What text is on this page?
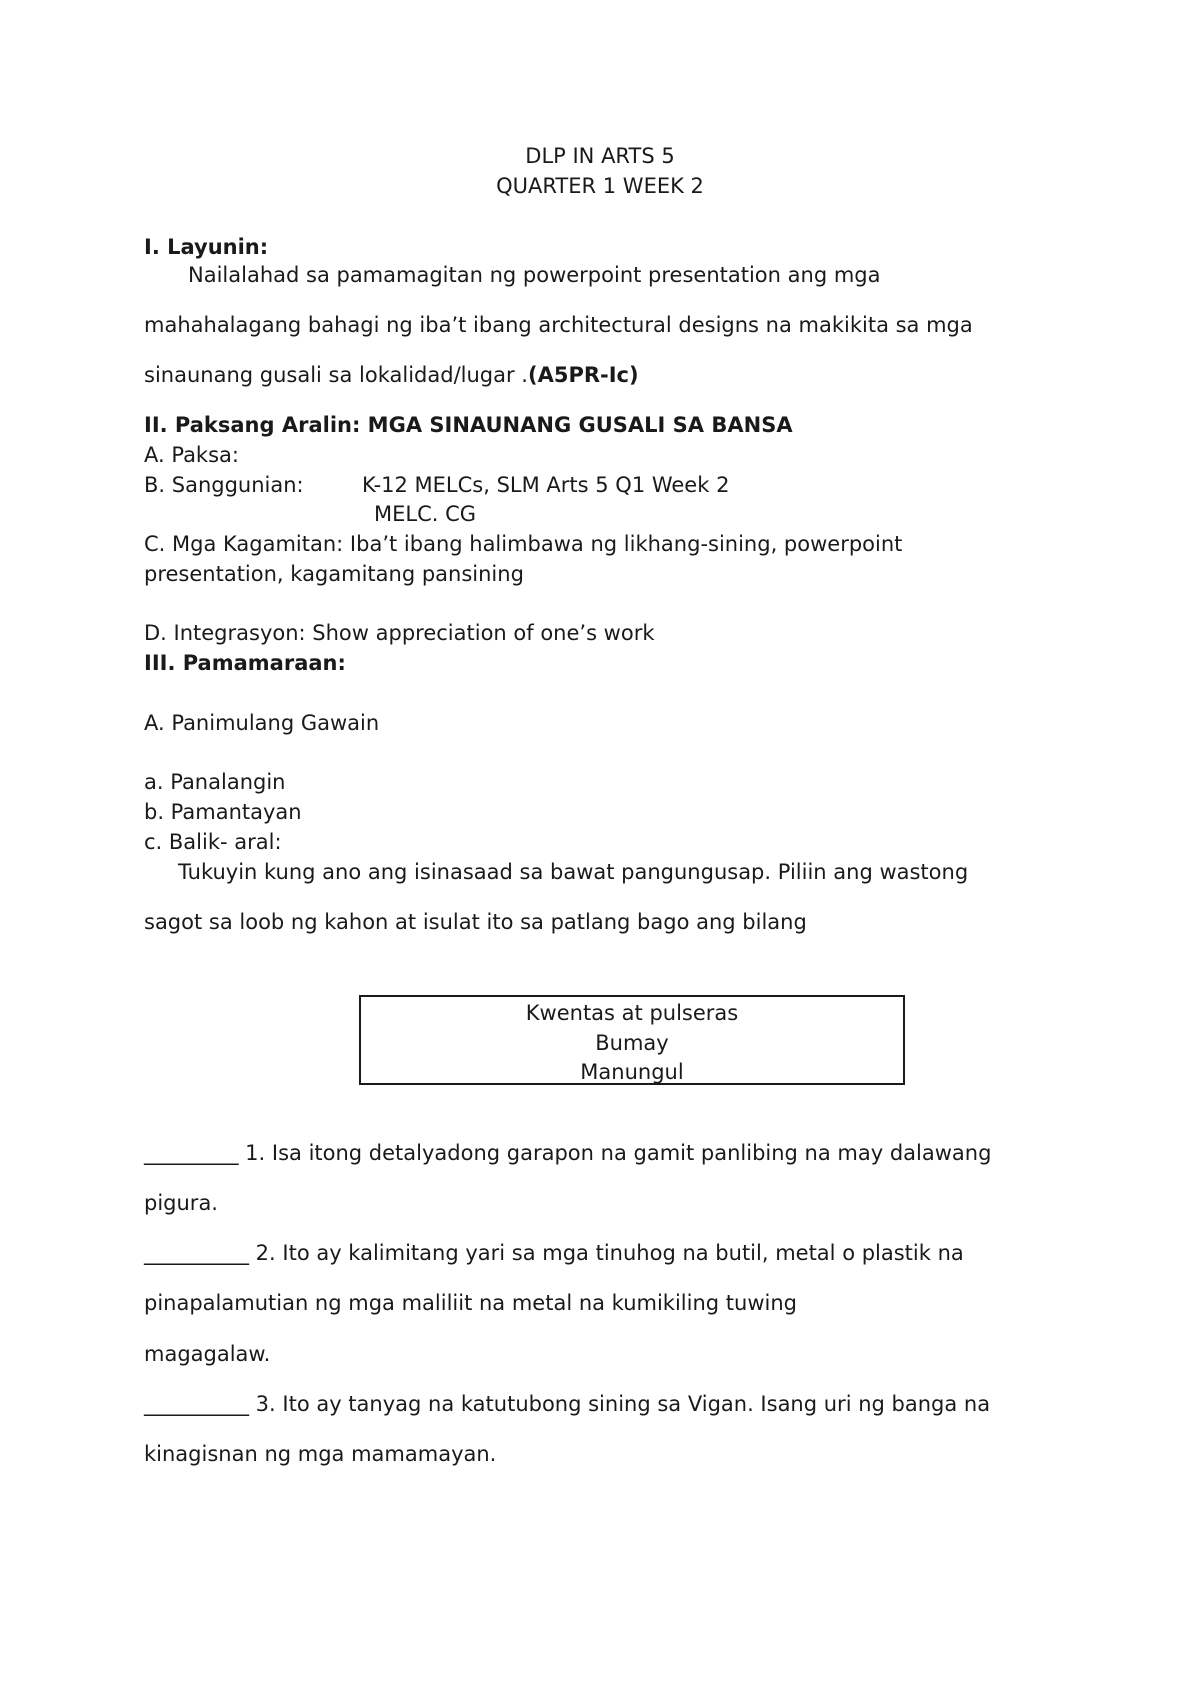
DLP IN ARTS 5
QUARTER 1 WEEK 2
I. Layunin:
Nailalahad sa pamamagitan ng powerpoint presentation ang mga
mahahalagang bahagi ng iba’t ibang architectural designs na makikita sa mga
sinaunang gusali sa lokalidad/lugar .(A5PR-Ic)
II. Paksang Aralin: MGA SINAUNANG GUSALI SA BANSA
A. Paksa:
B. Sanggunian:	K-12 MELCs, SLM Arts 5 Q1 Week 2
MELC. CG
C. Mga Kagamitan: Iba’t ibang halimbawa ng likhang-sining, powerpoint
presentation, kagamitang pansining
D. Integrasyon: Show appreciation of one’s work
III. Pamamaraan:
A. Panimulang Gawain
a. Panalangin
b. Pamantayan
c. Balik- aral:
Tukuyin kung ano ang isinasaad sa bawat pangungusap. Piliin ang wastong
sagot sa loob ng kahon at isulat ito sa patlang bago ang bilang
Kwentas at pulseras
Bumay
Manungul
_________ 1. Isa itong detalyadong garapon na gamit panlibing na may dalawang
pigura.
__________ 2. Ito ay kalimitang yari sa mga tinuhog na butil, metal o plastik na
pinapalamutian ng mga maliliit na metal na kumikiling tuwing
magagalaw.
__________ 3. Ito ay tanyag na katutubong sining sa Vigan. Isang uri ng banga na
kinagisnan ng mga mamamayan.
